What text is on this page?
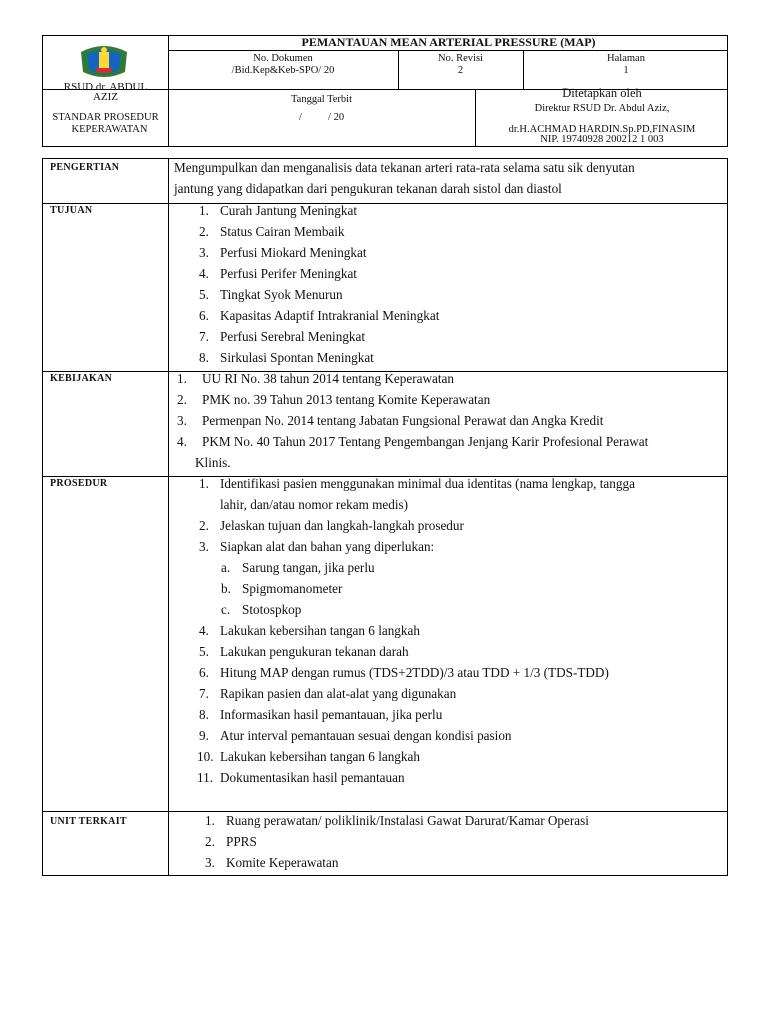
RSUD dr. ABDUL
AZIZ
STANDAR PROSEDUR
KEPERAWATAN
PEMANTAUAN MEAN ARTERIAL PRESSURE (MAP)
No. Dokumen
/Bid.Kep&Keb-SPO/ 20
No. Revisi
2
Halaman
1
Tanggal Terbit
/          / 20
Ditetapkan oleh
Direktur RSUD Dr. Abdul Aziz,
dr.H.ACHMAD HARDIN.Sp.PD,FINASIM
NIP. 19740928 200212 1 003
PENGERTIAN	Mengumpulkan dan menganalisis data tekanan arteri rata-rata selama satu sik denyutan
jantung yang didapatkan dari pengukuran tekanan darah sistol dan diastol
TUJUAN	1. Curah Jantung Meningkat
2. Status Cairan Membaik
3. Perfusi Miokard Meningkat
4. Perfusi Perifer Meningkat
5. Tingkat Syok Menurun
6. Kapasitas Adaptif Intrakranial Meningkat
7. Perfusi Serebral Meningkat
8. Sirkulasi Spontan Meningkat
KEBIJAKAN	1. UU RI No. 38 tahun 2014 tentang Keperawatan
2. PMK no. 39 Tahun 2013 tentang Komite Keperawatan
3. Permenpan No. 2014 tentang Jabatan Fungsional Perawat dan Angka Kredit
4. PKM No. 40 Tahun 2017 Tentang Pengembangan Jenjang Karir Profesional Perawat
Klinis.
PROSEDUR	1. Identifikasi pasien menggunakan minimal dua identitas (nama lengkap, tangga
lahir, dan/atau nomor rekam medis)
2. Jelaskan tujuan dan langkah-langkah prosedur
3. Siapkan alat dan bahan yang diperlukan:
a. Sarung tangan, jika perlu
b. Spigmomanometer
c. Stotospkop
4. Lakukan kebersihan tangan 6 langkah
5. Lakukan pengukuran tekanan darah
6. Hitung MAP dengan rumus (TDS+2TDD)/3 atau TDD + 1/3 (TDS-TDD)
7. Rapikan pasien dan alat-alat yang digunakan
8. Informasikan hasil pemantauan, jika perlu
9. Atur interval pemantauan sesuai dengan kondisi pasion
10. Lakukan kebersihan tangan 6 langkah
11. Dokumentasikan hasil pemantauan
UNIT TERKAIT	1. Ruang perawatan/ poliklinik/Instalasi Gawat Darurat/Kamar Operasi
2. PPRS
3. Komite Keperawatan
